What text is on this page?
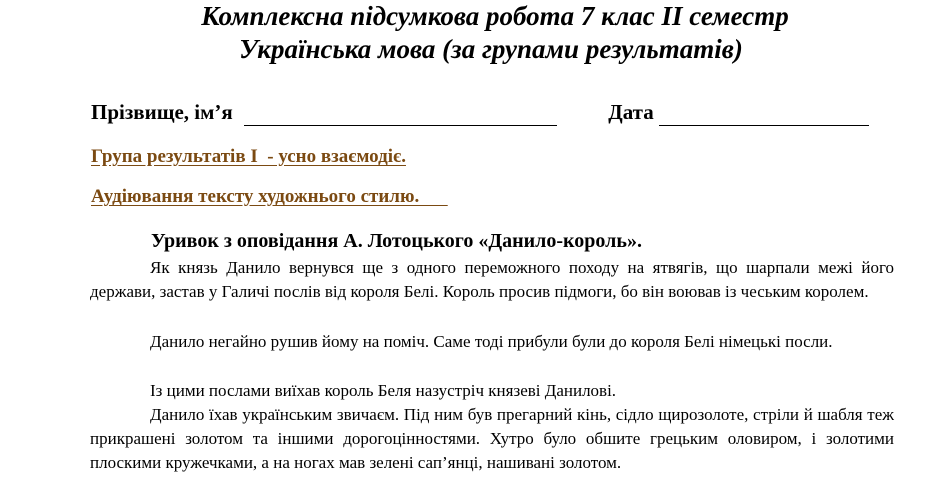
Комплексна підсумкова робота 7 клас ІІ семестр
Українська мова (за групами результатів)
Прізвище, ім’я	Дата
Група результатів І  - усно взаємодіє.
Аудіювання тексту художнього стилю.
Уривок з оповідання А. Лотоцького «Данило-король».

Як князь Данило вернувся ще з одного переможного походу на ятвягів, що шарпали межі його держави, застав у Галичі послів від короля Белі. Король просив підмоги, бо він воював із чеським королем.

Данило негайно рушив йому на поміч. Саме тоді прибули були до короля Белі німецькі посли.

Із цими послами виїхав король Беля назустріч князеві Данилові.

Данило їхав українським звичаєм. Під ним був прегарний кінь, сідло щирозолоте, стріли й шабля теж прикрашені золотом та іншими дорогоцінностями. Хутро було обшите грецьким оловиром, і золотими плоскими кружечками, а на ногах мав зелені сап’янці, нашивані золотом.
